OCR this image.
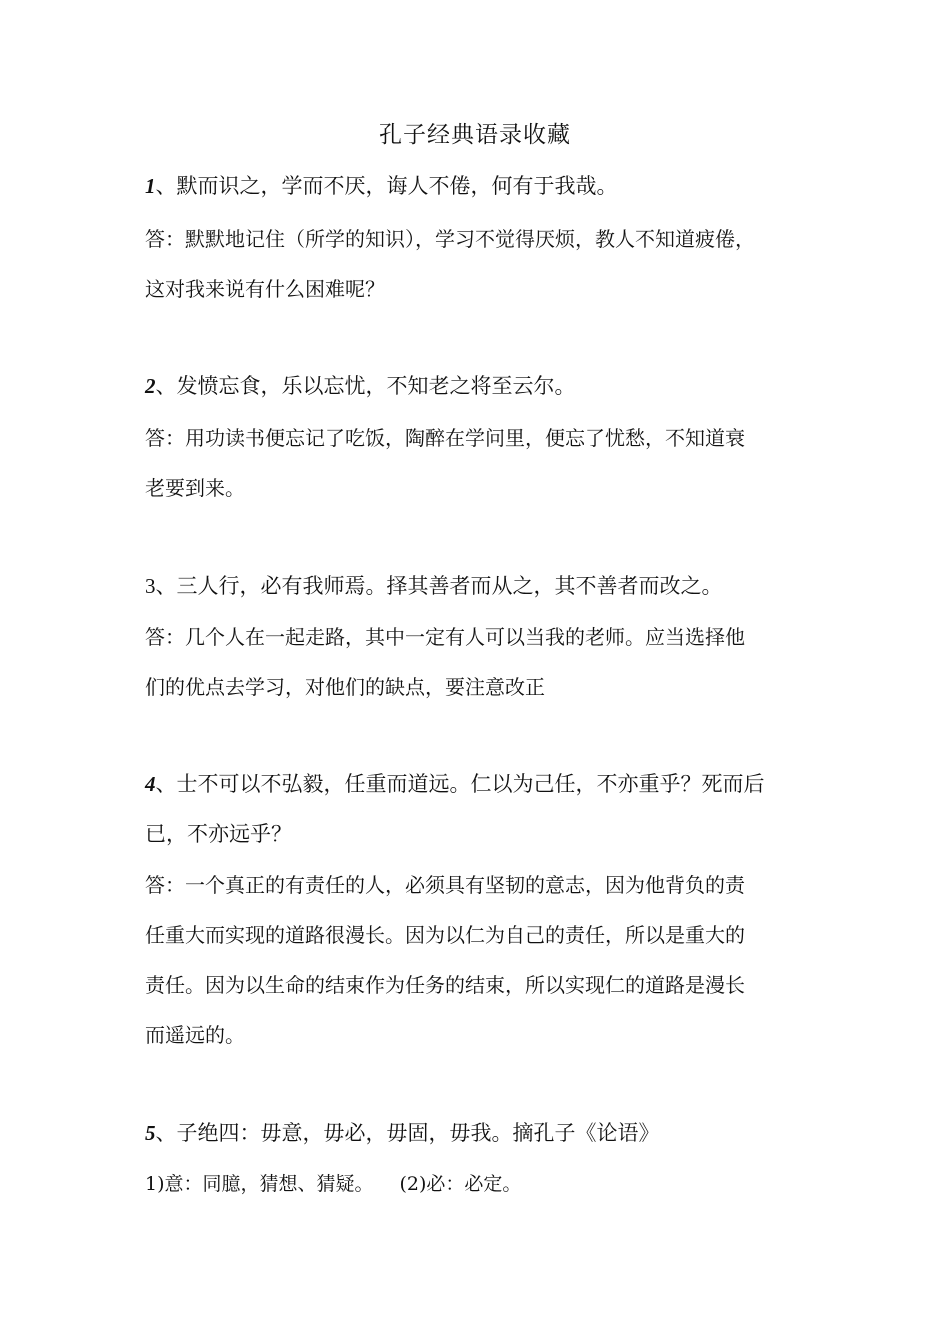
孔子经典语录收藏
1、默而识之，学而不厌，诲人不倦，何有于我哉。
答：默默地记住（所学的知识），学习不觉得厌烦，教人不知道疲倦，
这对我来说有什么困难呢？
2、发愤忘食，乐以忘忧，不知老之将至云尔。
答：用功读书便忘记了吃饭，陶醉在学问里，便忘了忧愁，不知道衰
老要到来。
3、三人行，必有我师焉。择其善者而从之，其不善者而改之。
答：几个人在一起走路，其中一定有人可以当我的老师。应当选择他
们的优点去学习，对他们的缺点，要注意改正
4、士不可以不弘毅，任重而道远。仁以为己任，不亦重乎？死而后
已，不亦远乎？
答：一个真正的有责任的人，必须具有坚韧的意志，因为他背负的责
任重大而实现的道路很漫长。因为以仁为自己的责任，所以是重大的
责任。因为以生命的结束作为任务的结束，所以实现仁的道路是漫长
而遥远的。
5、子绝四：毋意，毋必，毋固，毋我。摘孔子《论语》
1)意：同臆，猜想、猜疑。 (2)必：必定。
